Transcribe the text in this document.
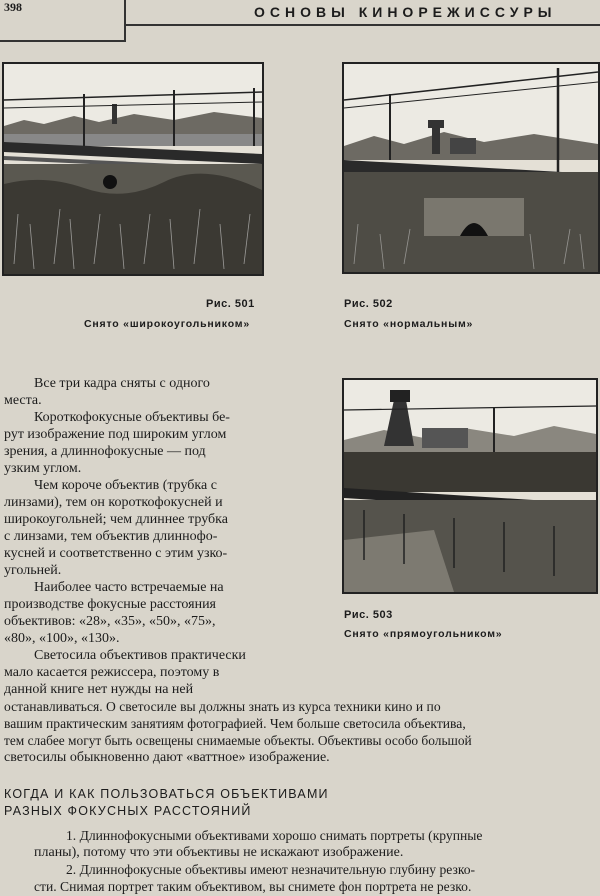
398	ОСНОВЫ КИНОРЕЖИССУРЫ
Рис. 501
Снято «широкоугольником»
Рис. 502
Снято «нормальным»
Рис. 503
Снято «прямоугольником»
Все три кадра сняты с одного
места.
Короткофокусные объективы бе-
рут изображение под широким углом
зрения, а длиннофокусные — под
узким углом.
Чем короче объектив (трубка с
линзами), тем он короткофокусней и
широкоугольней; чем длиннее трубка
с линзами, тем объектив длиннофо-
кусней и соответственно с этим узко-
угольней.
Наиболее часто встречаемые на
производстве фокусные расстояния
объективов: «28», «35», «50», «75»,
«80», «100», «130».
Светосила объективов практически
мало касается режиссера, поэтому в
данной книге нет нужды на ней
останавливаться. О светосиле вы должны знать из курса техники кино и по
вашим практическим занятиям фотографией. Чем больше светосила объектива,
тем слабее могут быть освещены снимаемые объекты. Объективы особо большой
светосилы обыкновенно дают «ваттное» изображение.
КОГДА И КАК ПОЛЬЗОВАТЬСЯ ОБЪЕКТИВАМИ
РАЗНЫХ ФОКУСНЫХ РАССТОЯНИЙ
1. Длиннофокусными объективами хорошо снимать портреты (крупные
планы), потому что эти объективы не искажают изображение.
2. Длиннофокусные объективы имеют незначительную глубину резко-
сти. Снимая портрет таким объективом, вы снимете фон портрета не резко.
